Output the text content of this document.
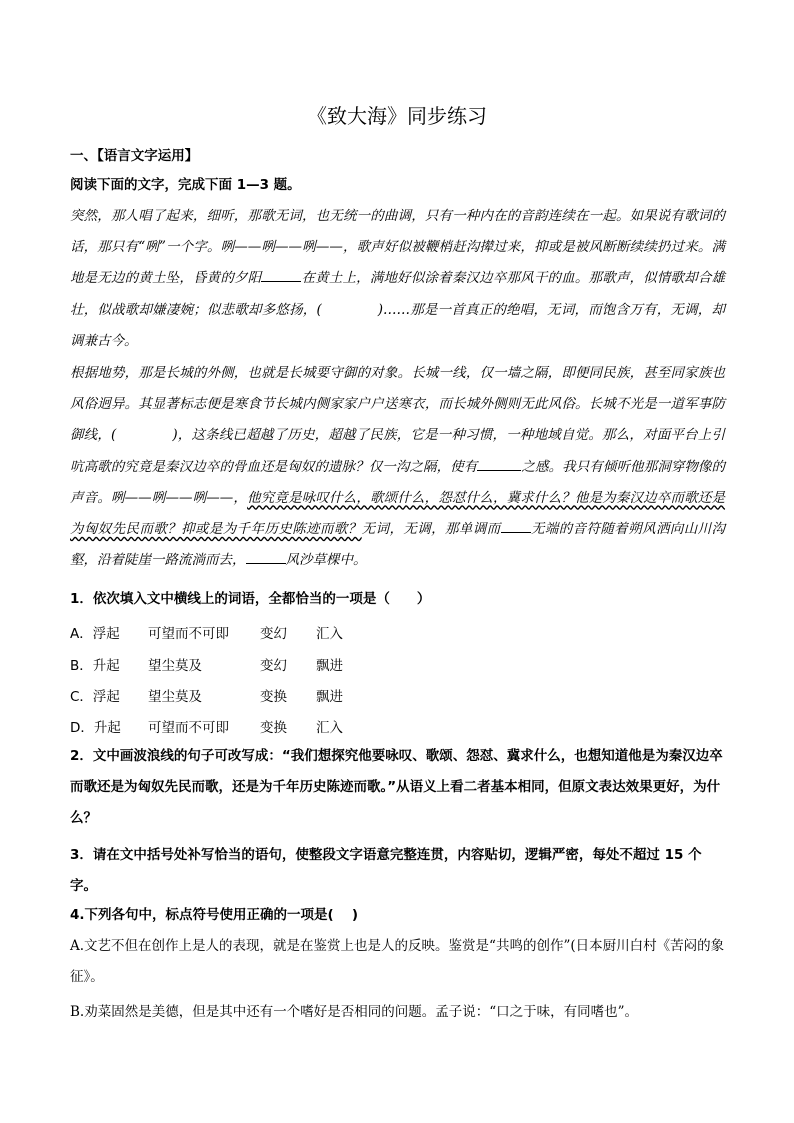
《致大海》同步练习
一、【语言文字运用】
阅读下面的文字，完成下面 1—3 题。
突然，那人唱了起来，细听，那歌无词，也无统一的曲调，只有一种内在的音韵连续在一起。如果说有歌词的话，那只有“咧”一个字。咧——咧——咧——，歌声好似被鞭梢赶沟撵过来，抑或是被风断断续续扔过来。满地是无边的黄土坠，昏黄的夕阳	在黄土上，满地好似涂着秦汉边卒那风干的血。那歌声，似情歌却合雄壮，似战歌却嫌凄婉；似悲歌却多悠扬，(	)……那是一首真正的绝唱，无词，而饱含万有，无调，却调兼古今。
根据地势，那是长城的外侧，也就是长城要守御的对象。长城一线，仅一墙之隔，即便同民族，甚至同家族也风俗迥异。其显著标志便是寒食节长城内侧家家户户送寒衣，而长城外侧则无此风俗。长城不光是一道军事防御线，(	)，这条线已超越了历史，超越了民族，它是一种习惯，一种地域自觉。那么，对面平台上引吭高歌的究竟是秦汉边卒的骨血还是匈奴的遗脉？仅一沟之隔，使有	之感。我只有倾听他那洞穿物像的声音。咧——咧——咧——，他究竟是咏叹什么，歌颂什么，怨怼什么，冀求什么？他是为秦汉边卒而歌还是为匈奴先民而歌？抑或是为千年历史陈迹而歌？无词，无调，那单调而 无端的音符随着朔风洒向山川沟壑，沿着陡崖一路流淌而去，	风沙草棵中。
1．依次填入文中横线上的词语，全都恰当的一项是（　　）
A．浮起 可望而不可即 变幻 汇入
B．升起 望尘莫及	变幻 飘进
C．浮起 望尘莫及	变换 飘进
D．升起 可望而不可即 变换 汇入
2．文中画波浪线的句子可改写成：“我们想探究他要咏叹、歌颂、怨怼、冀求什么，也想知道他是为秦汉边卒而歌还是为匈奴先民而歌，还是为千年历史陈迹而歌。”从语义上看二者基本相同，但原文表达效果更好，为什么？
3．请在文中括号处补写恰当的语句，使整段文字语意完整连贯，内容贴切，逻辑严密，每处不超过 15 个字。
4.下列各句中，标点符号使用正确的一项是(　 )
A.文艺不但在创作上是人的表现，就是在鉴赏上也是人的反映。鉴赏是“共鸣的创作”(日本厨川白村《苦闷的象征》。
B.劝菜固然是美德，但是其中还有一个嗜好是否相同的问题。孟子说：“口之于味，有同嗜也”。
